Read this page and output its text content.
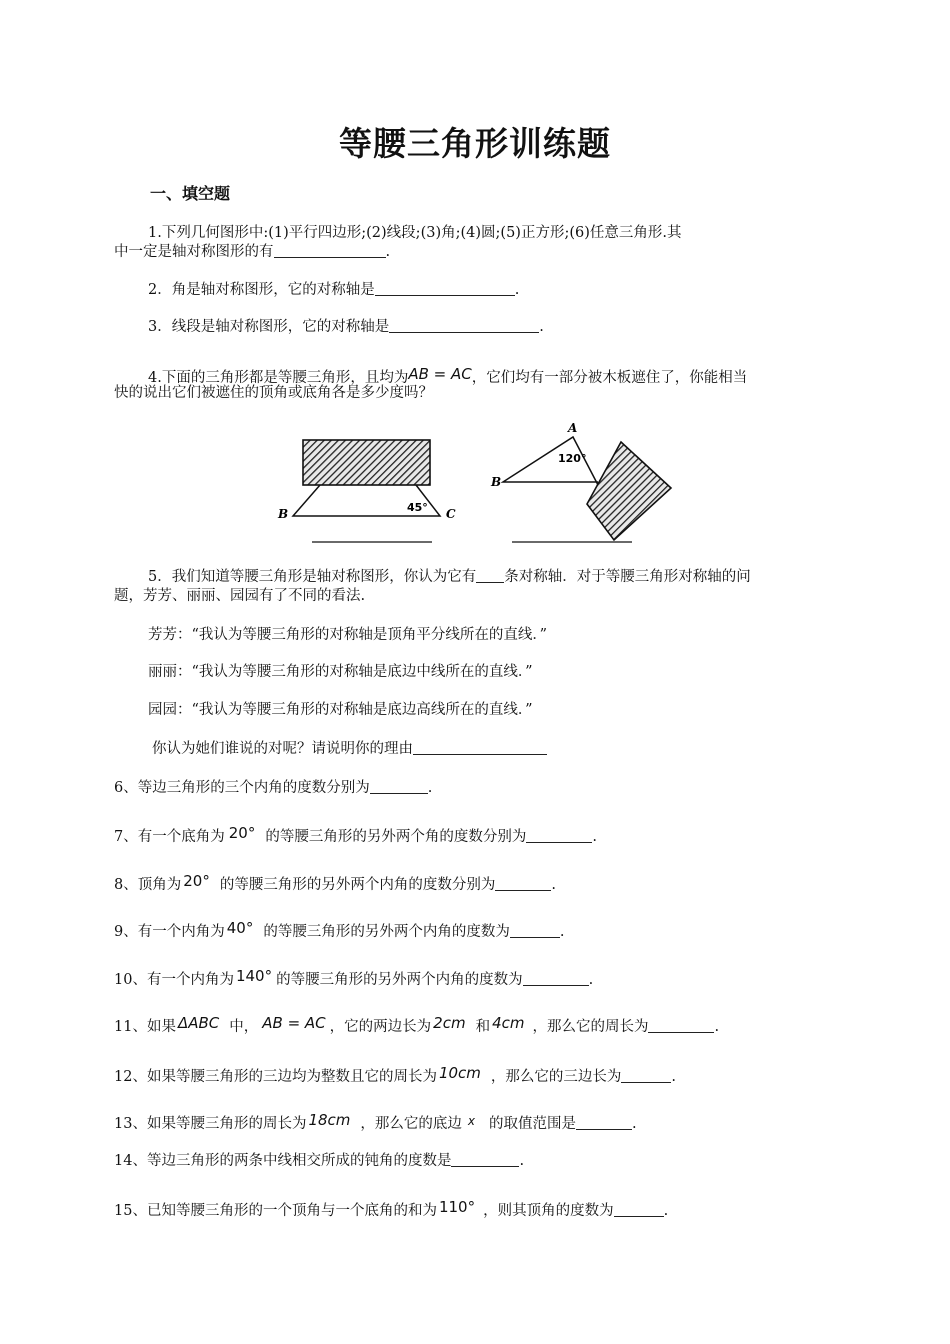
等腰三角形训练题
一、填空题
1.下列几何图形中:(1)平行四边形;(2)线段;(3)角;(4)圆;(5)正方形;(6)任意三角形.其
中一定是轴对称图形的有	.
2．角是轴对称图形，它的对称轴是	.
3．线段是轴对称图形，它的对称轴是	.
4.下面的三角形都是等腰三角形，且均为AB = AC，它们均有一部分被木板遮住了，你能相当
快的说出它们被遮住的顶角或底角各是多少度吗？
B	C
45°
A
B
120°
5．我们知道等腰三角形是轴对称图形，你认为它有 条对称轴．对于等腰三角形对称轴的问
题，芳芳、丽丽、园园有了不同的看法.
芳芳：“我认为等腰三角形的对称轴是顶角平分线所在的直线．”
丽丽：“我认为等腰三角形的对称轴是底边中线所在的直线．”
园园：“我认为等腰三角形的对称轴是底边高线所在的直线．”
你认为她们谁说的对呢？请说明你的理由
6、等边三角形的三个内角的度数分别为	.
7、有一个底角为 20° 的等腰三角形的另外两个角的度数分别为	.
8、顶角为 20° 的等腰三角形的另外两个内角的度数分别为	.
9、有一个内角为 40° 的等腰三角形的另外两个内角的度数为	.
10、有一个内角为 140° 的等腰三角形的另外两个内角的度数为	.
11、如果 ΔABC 中， AB = AC ，它的两边长为 2cm 和 4cm ，那么它的周长为	.
12、如果等腰三角形的三边均为整数且它的周长为 10cm ，那么它的三边长为	.
13、如果等腰三角形的周长为 18cm ，那么它的底边 $^x$ 的取值范围是	.
14、等边三角形的两条中线相交所成的钝角的度数是	.
15、已知等腰三角形的一个顶角与一个底角的和为 110° ，则其顶角的度数为	.
